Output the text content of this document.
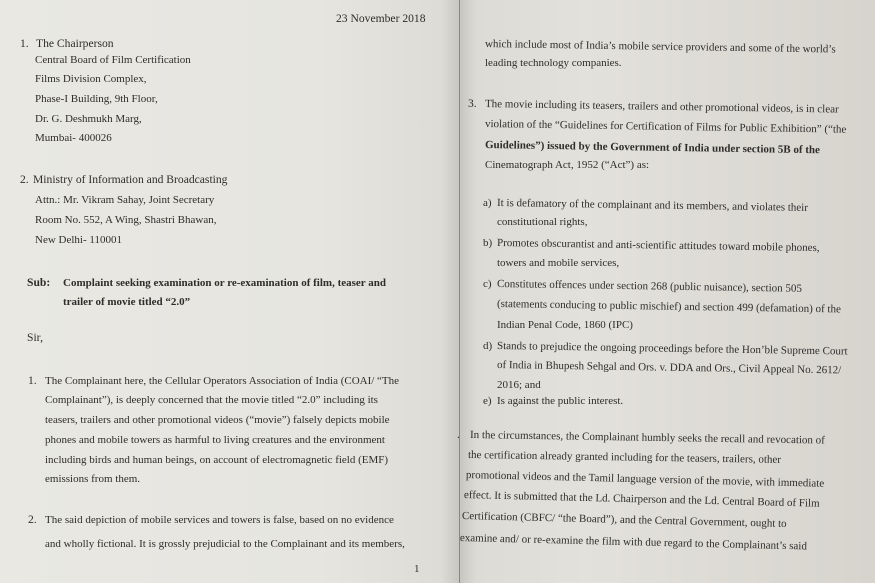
23 November 2018
1. The Chairperson
Central Board of Film Certification
Films Division Complex,
Phase-I Building, 9th Floor,
Dr. G. Deshmukh Marg,
Mumbai- 400026
2. Ministry of Information and Broadcasting
Attn.: Mr. Vikram Sahay, Joint Secretary
Room No. 552, A Wing, Shastri Bhawan,
New Delhi- 110001
Sub: Complaint seeking examination or re-examination of film, teaser and
trailer of movie titled “2.0”
Sir,
1. The Complainant here, the Cellular Operators Association of India (COAI/ “The
Complainant”), is deeply concerned that the movie titled “2.0” including its
teasers, trailers and other promotional videos (“movie”) falsely depicts mobile
phones and mobile towers as harmful to living creatures and the environment
including birds and human beings, on account of electromagnetic field (EMF)
emissions from them.
2. The said depiction of mobile services and towers is false, based on no evidence
and wholly fictional. It is grossly prejudicial to the Complainant and its members,
1
which include most of India’s mobile service providers and some of the world’s
leading technology companies.
3. The movie including its teasers, trailers and other promotional videos, is in clear
violation of the “Guidelines for Certification of Films for Public Exhibition” (“the
Guidelines”) issued by the Government of India under section 5B of the
Cinematograph Act, 1952 (“Act”) as:
a) It is defamatory of the complainant and its members, and violates their
constitutional rights,
b) Promotes obscurantist and anti-scientific attitudes toward mobile phones,
towers and mobile services,
c) Constitutes offences under section 268 (public nuisance), section 505
(statements conducing to public mischief) and section 499 (defamation) of the
Indian Penal Code, 1860 (IPC)
d) Stands to prejudice the ongoing proceedings before the Hon’ble Supreme Court
of India in Bhupesh Sehgal and Ors. v. DDA and Ors., Civil Appeal No. 2612/
2016; and
e) Is against the public interest.
. In the circumstances, the Complainant humbly seeks the recall and revocation of
the certification already granted including for the teasers, trailers, other
promotional videos and the Tamil language version of the movie, with immediate
effect. It is submitted that the Ld. Chairperson and the Ld. Central Board of Film
Certification (CBFC/ “the Board”), and the Central Government, ought to
examine and/ or re-examine the film with due regard to the Complainant’s said
